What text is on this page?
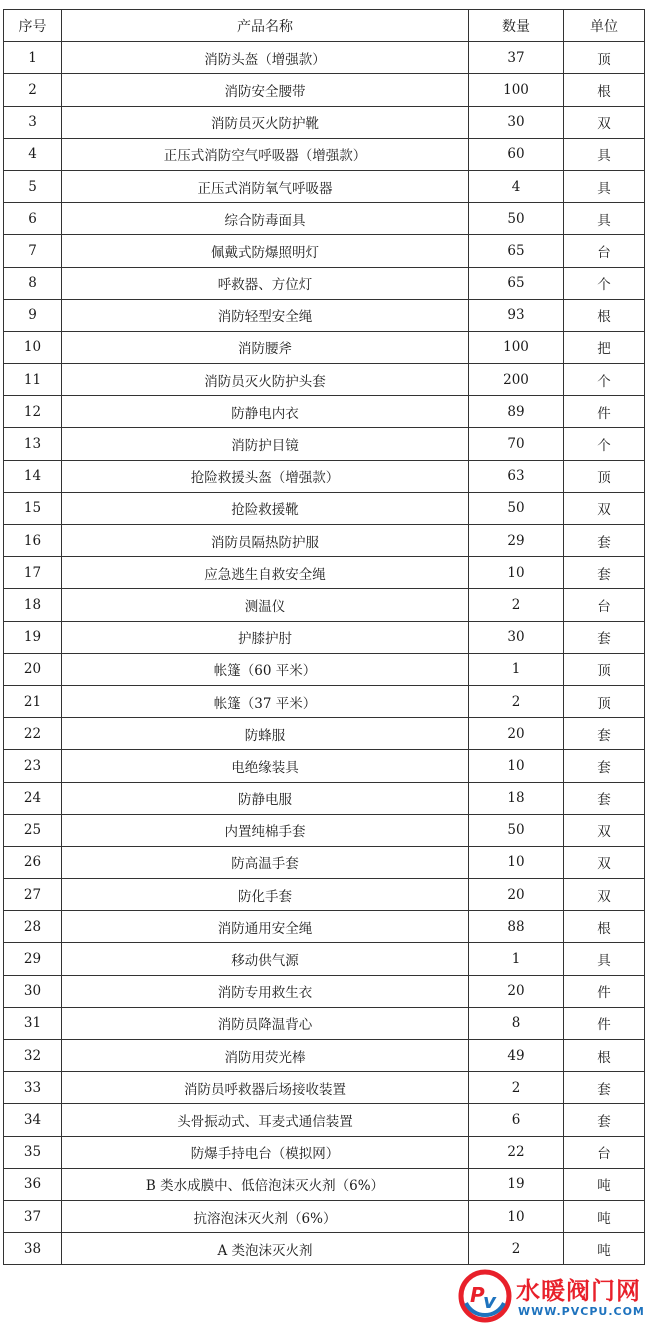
序号	产品名称	数量	单位
1	消防头盔（增强款）	37	顶
2	消防安全腰带	100	根
3	消防员灭火防护靴	30	双
4	正压式消防空气呼吸器（增强款）	60	具
5	正压式消防氧气呼吸器	4	具
6	综合防毒面具	50	具
7	佩戴式防爆照明灯	65	台
8	呼救器、方位灯	65	个
9	消防轻型安全绳	93	根
10	消防腰斧	100	把
11	消防员灭火防护头套	200	个
12	防静电内衣	89	件
13	消防护目镜	70	个
14	抢险救援头盔（增强款）	63	顶
15	抢险救援靴	50	双
16	消防员隔热防护服	29	套
17	应急逃生自救安全绳	10	套
18	测温仪	2	台
19	护膝护肘	30	套
20	帐篷（60 平米）	1	顶
21	帐篷（37 平米）	2	顶
22	防蜂服	20	套
23	电绝缘装具	10	套
24	防静电服	18	套
25	内置纯棉手套	50	双
26	防高温手套	10	双
27	防化手套	20	双
28	消防通用安全绳	88	根
29	移动供气源	1	具
30	消防专用救生衣	20	件
31	消防员降温背心	8	件
32	消防用荧光棒	49	根
33	消防员呼救器后场接收装置	2	套
34	头骨振动式、耳麦式通信装置	6	套
35	防爆手持电台（模拟网）	22	台
36	B 类水成膜中、低倍泡沫灭火剂（6%）	19	吨
37	抗溶泡沫灭火剂（6%）	10	吨
38	A 类泡沫灭火剂	2	吨
P
v 水暖阀门网
WWW.PVCPU.COM
